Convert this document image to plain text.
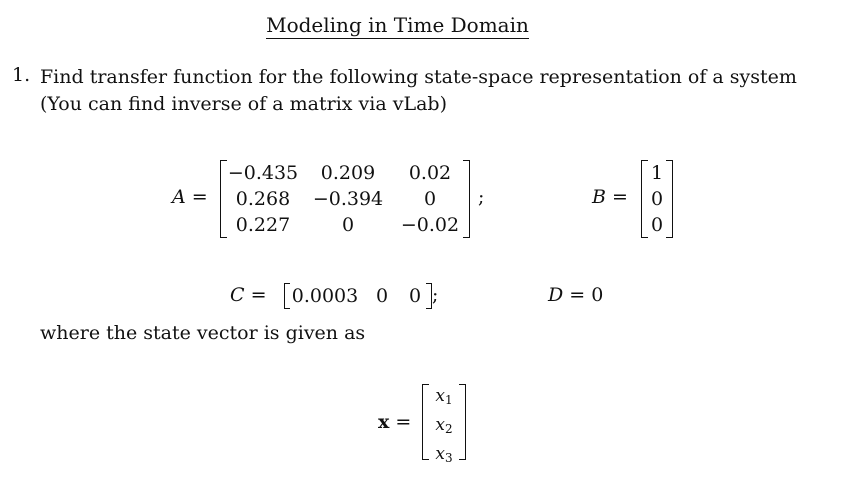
Modeling in Time Domain
1. Find transfer function for the following state-space representation of a system (You can find inverse of a matrix via vLab)
A =
−0.435	0.209	0.02
0.268	−0.394	0
0.227	0	−0.02
;	B =
1
0
0
C =	0.0003 0	0 ;	D = 0
where the state vector is given as
x =
$x_1$
$x_2$
$x_3$
